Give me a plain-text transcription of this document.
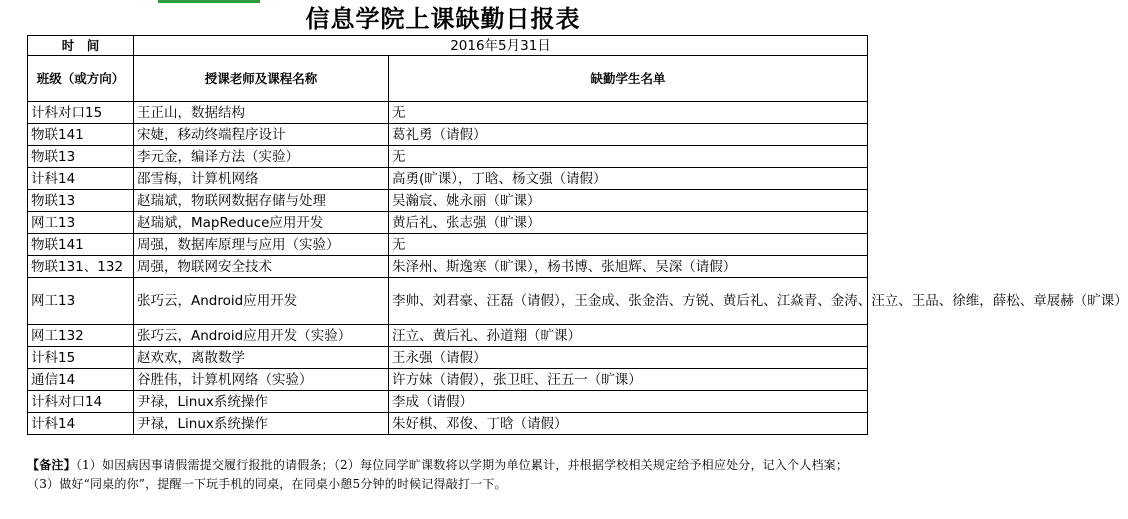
信息学院上课缺勤日报表
时　间	2016年5月31日	
班级（或方向）	授课老师及课程名称	缺勤学生名单
计科对口15	王正山，数据结构	无
物联141	宋婕，移动终端程序设计	葛礼勇（请假）
物联13	李元金，编译方法（实验）	无
计科14	邵雪梅，计算机网络	高勇(旷课），丁晗、杨文强（请假）
物联13	赵瑞斌，物联网数据存储与处理	吴瀚宸、姚永丽（旷课）
网工13	赵瑞斌，MapReduce应用开发	黄后礼、张志强（旷课）
物联141	周强，数据库原理与应用（实验）	无
物联131、132	周强，物联网安全技术	朱泽州、斯逸寒（旷课），杨书博、张旭辉、吴深（请假）
网工13	张巧云，Android应用开发	李帅、刘君豪、汪磊（请假），王金成、张金浩、方锐、黄后礼、江焱青、金涛、汪立、王品、徐维，薛松、章展赫（旷课）
网工132	张巧云，Android应用开发（实验）	汪立、黄后礼、孙道翔（旷课）
计科15	赵欢欢，离散数学	王永强（请假）
通信14	谷胜伟，计算机网络（实验）	许方妹（请假），张卫旺、汪五一（旷课）
计科对口14	尹禄，Linux系统操作	李成（请假）
计科14	尹禄，Linux系统操作	朱好棋、邓俊、丁晗（请假）
【备注】（1）如因病因事请假需提交履行报批的请假条；（2）每位同学旷课数将以学期为单位累计，并根据学校相关规定给予相应处分，记入个人档案；（3）做好“同桌的你”，提醒一下玩手机的同桌，在同桌小憩5分钟的时候记得敲打一下。
